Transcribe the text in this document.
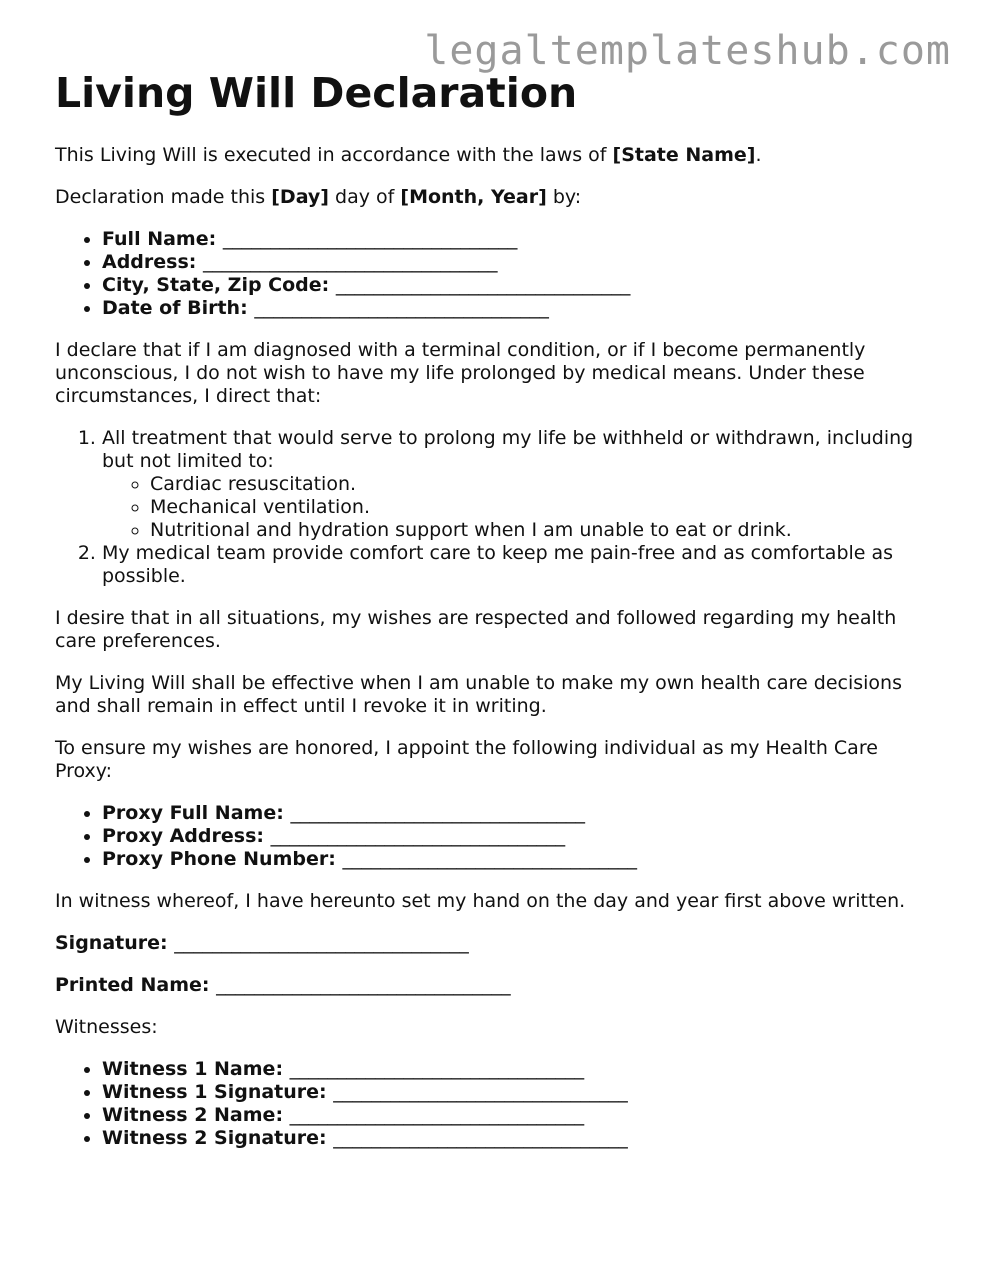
legaltemplateshub.com
Living Will Declaration

This Living Will is executed in accordance with the laws of [State Name].

Declaration made this [Day] day of [Month, Year] by:

• Full Name: _______________________________
• Address: _______________________________
• City, State, Zip Code: _______________________________
• Date of Birth: _______________________________

I declare that if I am diagnosed with a terminal condition, or if I become permanently unconscious, I do not wish to have my life prolonged by medical means. Under these circumstances, I direct that:

1. All treatment that would serve to prolong my life be withheld or withdrawn, including but not limited to:
◦ Cardiac resuscitation.
◦ Mechanical ventilation.
◦ Nutritional and hydration support when I am unable to eat or drink.
2. My medical team provide comfort care to keep me pain-free and as comfortable as possible.

I desire that in all situations, my wishes are respected and followed regarding my health care preferences.

My Living Will shall be effective when I am unable to make my own health care decisions and shall remain in effect until I revoke it in writing.

To ensure my wishes are honored, I appoint the following individual as my Health Care Proxy:

• Proxy Full Name: _______________________________
• Proxy Address: _______________________________
• Proxy Phone Number: _______________________________

In witness whereof, I have hereunto set my hand on the day and year first above written.

Signature: _______________________________

Printed Name: _______________________________

Witnesses:

• Witness 1 Name: _______________________________
• Witness 1 Signature: _______________________________
• Witness 2 Name: _______________________________
• Witness 2 Signature: _______________________________
